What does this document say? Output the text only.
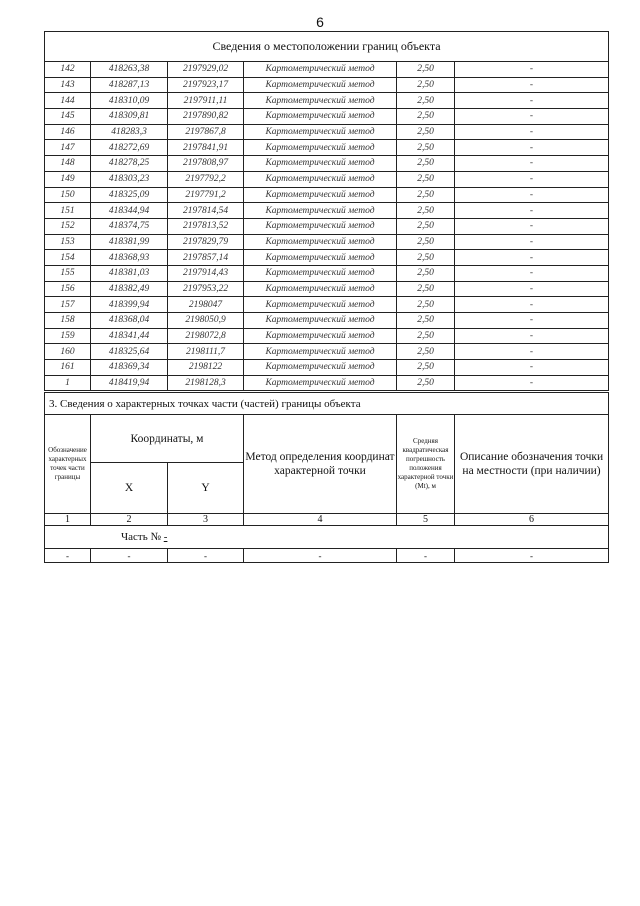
6
Сведения о местоположении границ объекта					
142	418263,38	2197929,02	Картометрический метод	2,50	-
143	418287,13	2197923,17	Картометрический метод	2,50	-
144	418310,09	2197911,11	Картометрический метод	2,50	-
145	418309,81	2197890,82	Картометрический метод	2,50	-
146	418283,3	2197867,8	Картометрический метод	2,50	-
147	418272,69	2197841,91	Картометрический метод	2,50	-
148	418278,25	2197808,97	Картометрический метод	2,50	-
149	418303,23	2197792,2	Картометрический метод	2,50	-
150	418325,09	2197791,2	Картометрический метод	2,50	-
151	418344,94	2197814,54	Картометрический метод	2,50	-
152	418374,75	2197813,52	Картометрический метод	2,50	-
153	418381,99	2197829,79	Картометрический метод	2,50	-
154	418368,93	2197857,14	Картометрический метод	2,50	-
155	418381,03	2197914,43	Картометрический метод	2,50	-
156	418382,49	2197953,22	Картометрический метод	2,50	-
157	418399,94	2198047	Картометрический метод	2,50	-
158	418368,04	2198050,9	Картометрический метод	2,50	-
159	418341,44	2198072,8	Картометрический метод	2,50	-
160	418325,64	2198111,7	Картометрический метод	2,50	-
161	418369,34	2198122	Картометрический метод	2,50	-
1	418419,94	2198128,3	Картометрический метод	2,50	-
3. Сведения о характерных точках части (частей) границы объекта					
Обозначение характерных точек части границы	Координаты, м		Метод определения координат характерной точки	Средняя квадратическая погрешность положения характерной точки (Mt), м	Описание обозначения точки на местности (при наличии)
	X	Y			
1	2	3	4	5	6
Часть № -					
-	-	-	-	-	-
